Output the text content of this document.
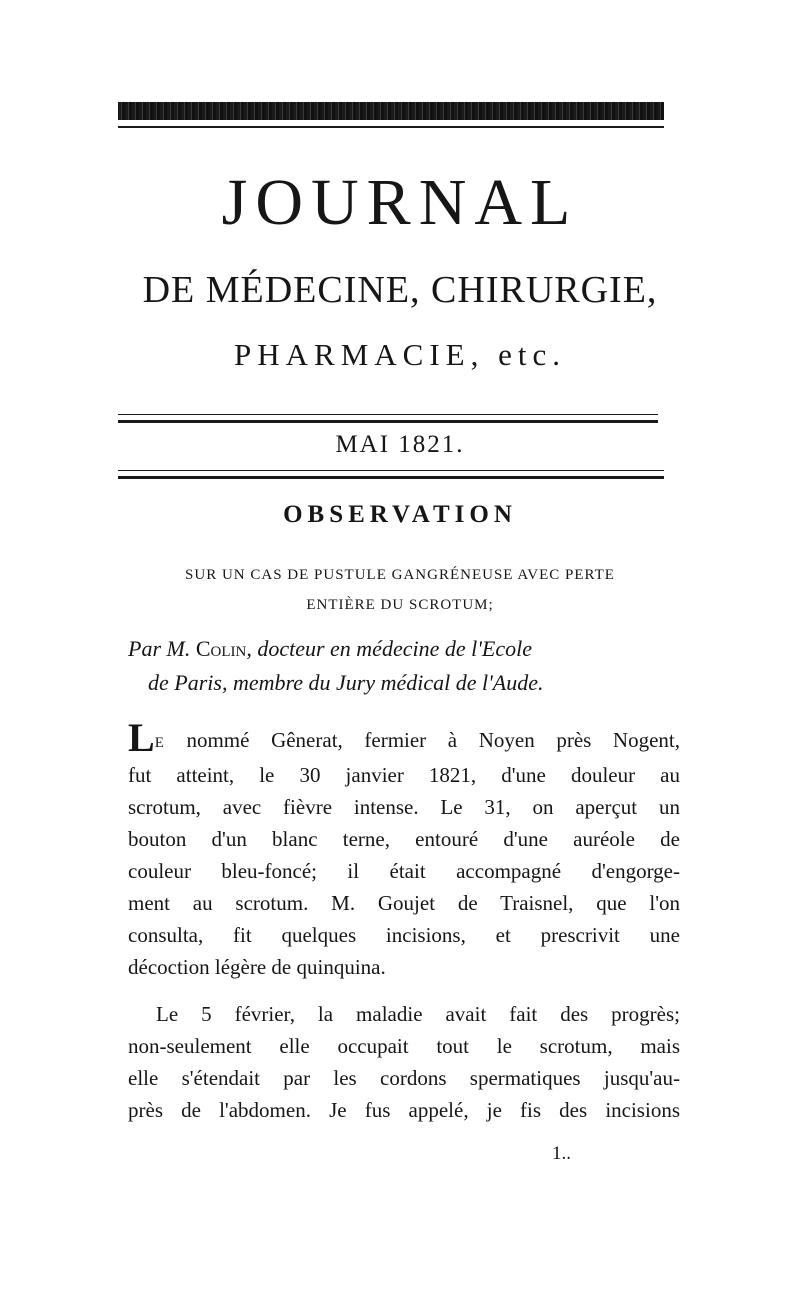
JOURNAL

DE MÉDECINE, CHIRURGIE,

PHARMACIE, etc.

MAI 1821.

OBSERVATION
SUR UN CAS DE PUSTULE GANGRÉNEUSE AVEC PERTE
ENTIÈRE DU SCROTUM;

Par M. Colin, docteur en médecine de l'Ecole
de Paris, membre du Jury médical de l'Aude.

LE nommé Gênerat, fermier à Noyen près Nogent,
fut atteint, le 30 janvier 1821, d'une douleur au
scrotum, avec fièvre intense. Le 31, on aperçut un
bouton d'un blanc terne, entouré d'une auréole de
couleur bleu-foncé; il était accompagné d'engorge-
ment au scrotum. M. Goujet de Traisnel, que l'on
consulta, fit quelques incisions, et prescrivit une
décoction légère de quinquina.
Le 5 février, la maladie avait fait des progrès;
non-seulement elle occupait tout le scrotum, mais
elle s'étendait par les cordons spermatiques jusqu'au-
près de l'abdomen. Je fus appelé, je fis des incisions

1..
